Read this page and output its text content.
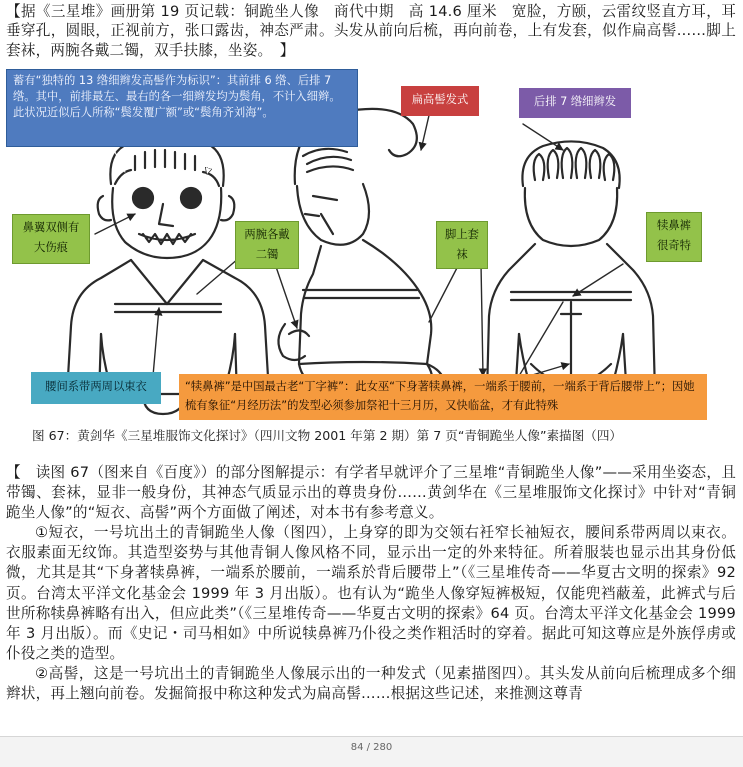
【据《三星堆》画册第 19 页记载：铜跪坐人像　商代中期　高 14.6 厘米　宽脸，方颐，云雷纹竖直方耳，耳垂穿孔，圆眼，正视前方，张口露齿，神态严肃。头发从前向后梳，再向前卷，上有发套，似作扁高髻……脚上套袜，两腕各戴二镯，双手扶膝，坐姿。　】
蓄有“独特的 13 绺细辫发高髻作为标识”：其前排 6 绺、后排 7 绺。其中，前排最左、最右的各一细辫发均为鬓角，不计入细辫。此状况近似后人所称“鬓发覆广额”或“鬓角齐刘海”。
扁高髻发式	后排 7 绺细辫发
鼻翼双侧有大伤痕
两腕各戴二镯
脚上套袜
犊鼻裤很奇特
腰间系带两周以束衣	“犊鼻裤”是中国最古老“丁字裤”：此女巫“下身著犊鼻裤，一端系于腰前，一端系于背后腰带上”；因她梳有象征“月经历法”的发型必须参加祭祀十三月历，又快临盆，才有此特殊
图 67：黄剑华《三星堆服饰文化探讨》（四川文物 2001 年第 2 期）第 7 页“青铜跪坐人像”素描图（四）

【　读图 67（图来自《百度》）的部分图解提示：有学者早就评介了三星堆“青铜跪坐人像”——采用坐姿态，且带镯、套袜，显非一般身份，其神态气质显示出的尊贵身份……黄剑华在《三星堆服饰文化探讨》中针对“青铜跪坐人像”的“短衣、高髻”两个方面做了阐述，对本书有参考意义。

①短衣，一号坑出土的青铜跪坐人像（图四），上身穿的即为交领右衽窄长袖短衣，腰间系带两周以束衣。衣服素面无纹饰。其造型姿势与其他青铜人像风格不同，显示出一定的外来特征。所着服装也显示出其身份低微，尤其是其“下身著犊鼻裤，一端系於腰前，一端系於背后腰带上”（《三星堆传奇——华夏古文明的探索》92 页。台湾太平洋文化基金会 1999 年 3 月出版）。也有认为“跪坐人像穿短裤极短，仅能兜裆蔽羞，此裤式与后世所称犊鼻裤略有出入，但应此类”（《三星堆传奇——华夏古文明的探索》64 页。台湾太平洋文化基金会 1999 年 3 月出版）。而《史记・司马相如》中所说犊鼻裤乃仆役之类作粗活时的穿着。据此可知这尊应是外族俘虏或仆役之类的造型。

②高髻，这是一号坑出土的青铜跪坐人像展示出的一种发式（见素描图四）。其头发从前向后梳理成多个细辫状，再上翘向前卷。发掘简报中称这种发式为扁高髻……根据这些记述，来推测这尊青

84 / 280
